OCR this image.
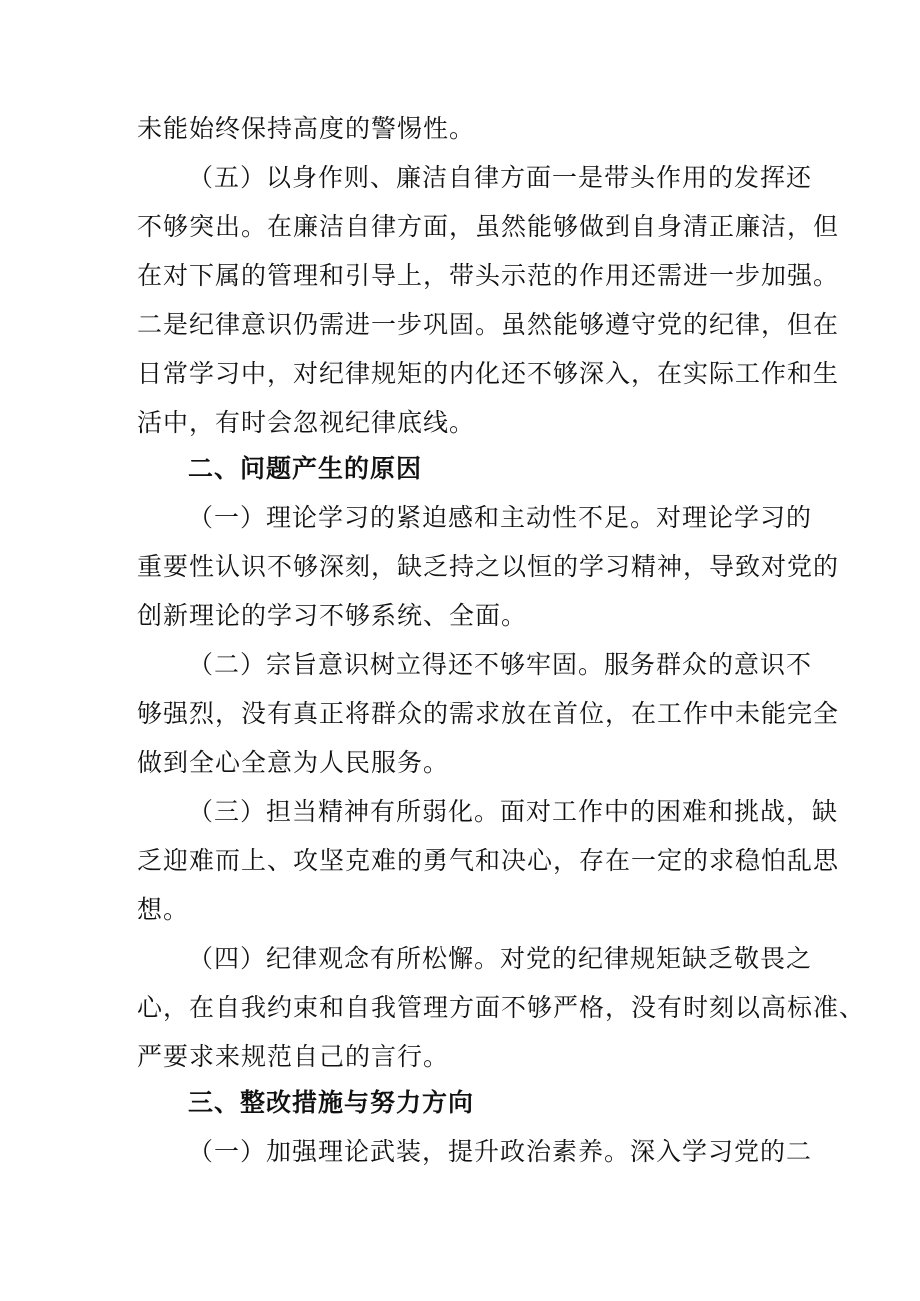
未能始终保持高度的警惕性。
（五）以身作则、廉洁自律方面一是带头作用的发挥还
不够突出。在廉洁自律方面，虽然能够做到自身清正廉洁，但
在对下属的管理和引导上，带头示范的作用还需进一步加强。
二是纪律意识仍需进一步巩固。虽然能够遵守党的纪律，但在
日常学习中，对纪律规矩的内化还不够深入，在实际工作和生
活中，有时会忽视纪律底线。
二、问题产生的原因
（一）理论学习的紧迫感和主动性不足。对理论学习的
重要性认识不够深刻，缺乏持之以恒的学习精神，导致对党的
创新理论的学习不够系统、全面。
（二）宗旨意识树立得还不够牢固。服务群众的意识不
够强烈，没有真正将群众的需求放在首位，在工作中未能完全
做到全心全意为人民服务。
（三）担当精神有所弱化。面对工作中的困难和挑战，缺
乏迎难而上、攻坚克难的勇气和决心，存在一定的求稳怕乱思
想。
（四）纪律观念有所松懈。对党的纪律规矩缺乏敬畏之
心，在自我约束和自我管理方面不够严格，没有时刻以高标准、
严要求来规范自己的言行。
三、整改措施与努力方向
（一）加强理论武装，提升政治素养。深入学习党的二
